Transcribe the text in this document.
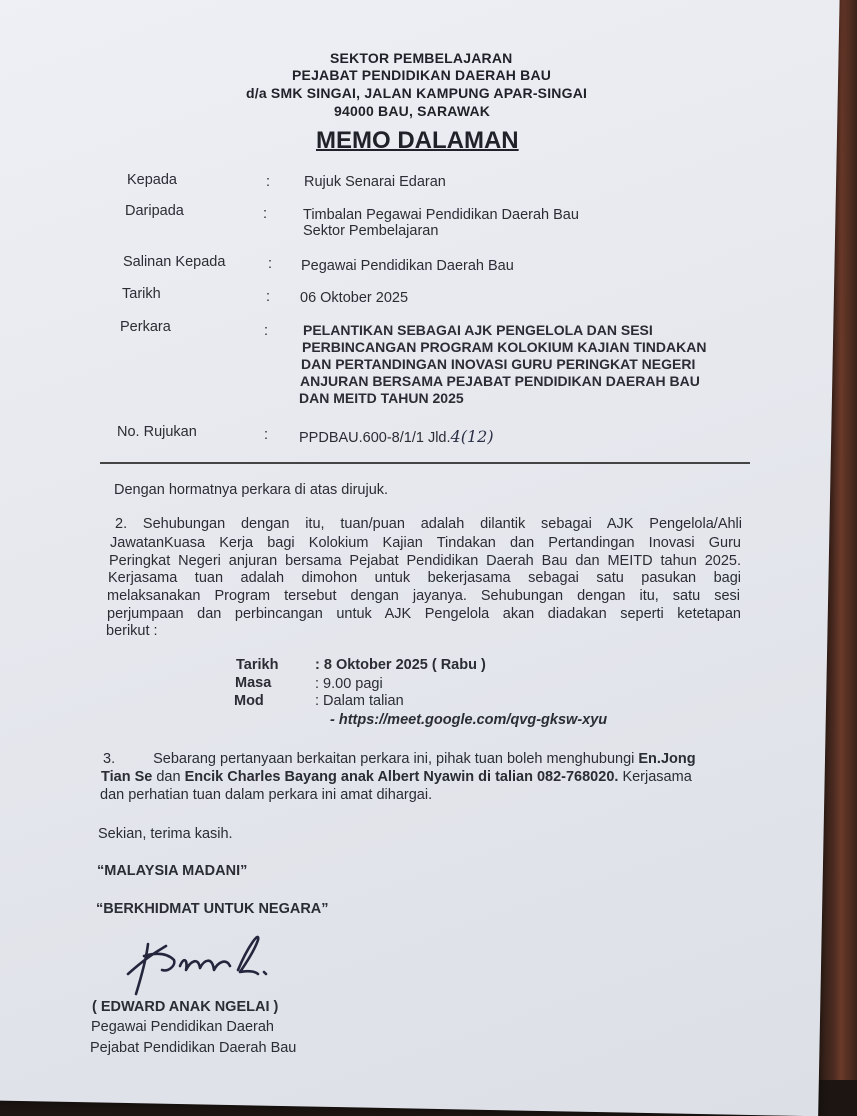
SEKTOR PEMBELAJARAN
PEJABAT PENDIDIKAN DAERAH BAU
d/a SMK SINGAI, JALAN KAMPUNG APAR-SINGAI
94000 BAU, SARAWAK
MEMO DALAMAN
Kepada	: Rujuk Senarai Edaran
Daripada	: Timbalan Pegawai Pendidikan Daerah Bau
Sektor Pembelajaran
Salinan Kepada	: Pegawai Pendidikan Daerah Bau
Tarikh	: 06 Oktober 2025
Perkara	: PELANTIKAN SEBAGAI AJK PENGELOLA DAN SESI
PERBINCANGAN PROGRAM KOLOKIUM KAJIAN TINDAKAN
DAN PERTANDINGAN INOVASI GURU PERINGKAT NEGERI
ANJURAN BERSAMA PEJABAT PENDIDIKAN DAERAH BAU
DAN MEITD TAHUN 2025
No. Rujukan	: PPDBAU.600-8/1/1 Jld.4(12)
Dengan hormatnya perkara di atas dirujuk.
2. Sehubungan dengan itu, tuan/puan adalah dilantik sebagai AJK Pengelola/Ahli
JawatanKuasa Kerja bagi Kolokium Kajian Tindakan dan Pertandingan Inovasi Guru
Peringkat Negeri anjuran bersama Pejabat Pendidikan Daerah Bau dan MEITD tahun 2025.
Kerjasama tuan adalah dimohon untuk bekerjasama sebagai satu pasukan bagi
melaksanakan Program tersebut dengan jayanya. Sehubungan dengan itu, satu sesi
perjumpaan dan perbincangan untuk AJK Pengelola akan diadakan seperti ketetapan
berikut :
Tarikh	: 8 Oktober 2025 ( Rabu )
Masa	: 9.00 pagi
Mod	: Dalam talian
- https://meet.google.com/qvg-gksw-xyu
3.	Sebarang pertanyaan berkaitan perkara ini, pihak tuan boleh menghubungi En.Jong
Tian Se dan Encik Charles Bayang anak Albert Nyawin di talian 082-768020. Kerjasama
dan perhatian tuan dalam perkara ini amat dihargai.
Sekian, terima kasih.
“MALAYSIA MADANI”
“BERKHIDMAT UNTUK NEGARA”
( EDWARD ANAK NGELAI )
Pegawai Pendidikan Daerah
Pejabat Pendidikan Daerah Bau
